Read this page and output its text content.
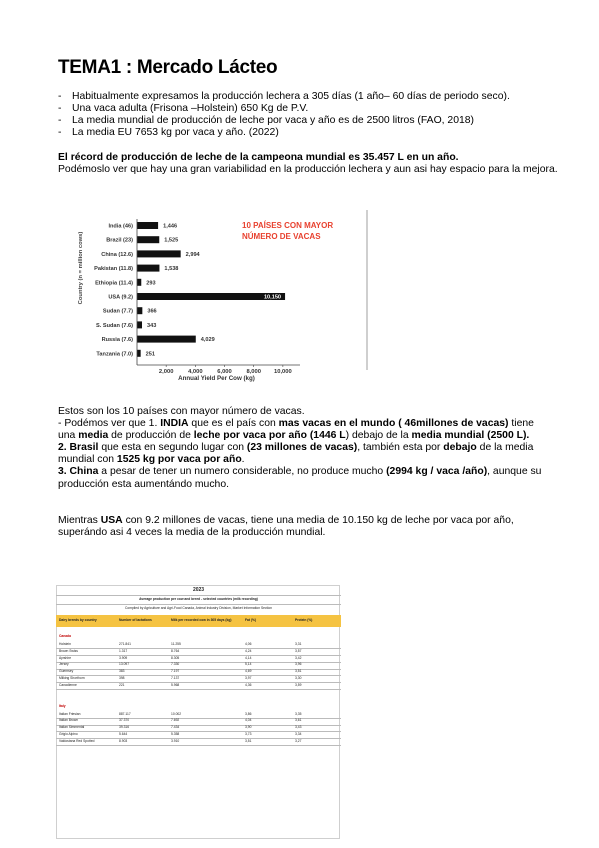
TEMA1 : Mercado Lácteo
-	Habitualmente expresamos la producción lechera a 305 días (1 año– 60 días de periodo seco).
-	Una vaca adulta (Frisona –Holstein) 650 Kg de P.V.
-	La media mundial de producción de leche por vaca y año es de 2500 litros (FAO, 2018)
-	La media EU 7653 kg por vaca y año. (2022)
El récord de producción de leche de la campeona mundial es 35.457 L en un año.
Podémoslo ver que hay una gran variabilidad en la producción lechera y aun asi hay espacio para la mejora.
India (46)	1,446
Brazil (23)	1,525
China (12.6)	2,994
Pakistan (11.8)	1,538
Ethiopia (11.4) 293
USA (9.2)	10,150
Sudan (7.7)	366
S. Sudan (7.6)	343
Russia (7.6)	4,029
Tanzania (7.0) 251
2,000	4,000	6,000	8,000 10,000
Annual Yield Per Cow (kg)
Country (n = million cows)
10 PAÍSES CON MAYOR
NÚMERO DE VACAS
Estos son los 10 países con mayor número de vacas.
- Podémos ver que 1. INDIA que es el país con mas vacas en el mundo ( 46millones de vacas) tiene una media de producción de leche por vaca por año (1446 L) debajo de la media mundial (2500 L).
2. Brasil que esta en segundo lugar con (23 millones de vacas), también esta por debajo de la media mundial con 1525 kg por vaca por año.
3. China a pesar de tener un numero considerable, no produce mucho (2994 kg / vaca /año), aunque su producción esta aumentándo mucho.
Mientras USA con 9.2 millones de vacas, tiene una media de 10.150 kg de leche por vaca por año, superándo asi 4 veces la media de la producción mundial.
2023
Average production per cow and breed - selected countries (milk recording)
Compiled by Agriculture and Agri-Food Canada, Animal Industry Division, Market Information Section
Dairy breeds by country	Number of lactations	Milk per recorded cow in 305 days (kg)	Fat (%)	Protein (%)
Canada
Holstein	271.841	11.255	4,06	3,31
Brown Swiss	1.317	8.764	4,24	3,57
Ayrshire	3.909	8.305	4,14	3,42
Jersey	13.097	7.330	5,14	3,96
Guernsey	383	7.197	4,69	3,51
Milking Shorthorn	398	7.137	3,97	3,30
Canadienne	221	5.968	4,36	3,59
Italy
Italian Friesian	887.117	10.002	3,86	3,35
Italian Brown	37.370	7.692	4,04	3,61
Italian Simmental	39.316	7.434	3,90	3,43
Grigio Alpino	5.644	5.358	3,73	3,34
Valdostana Red Spotted	8.903	3.910	3,51	3,27
